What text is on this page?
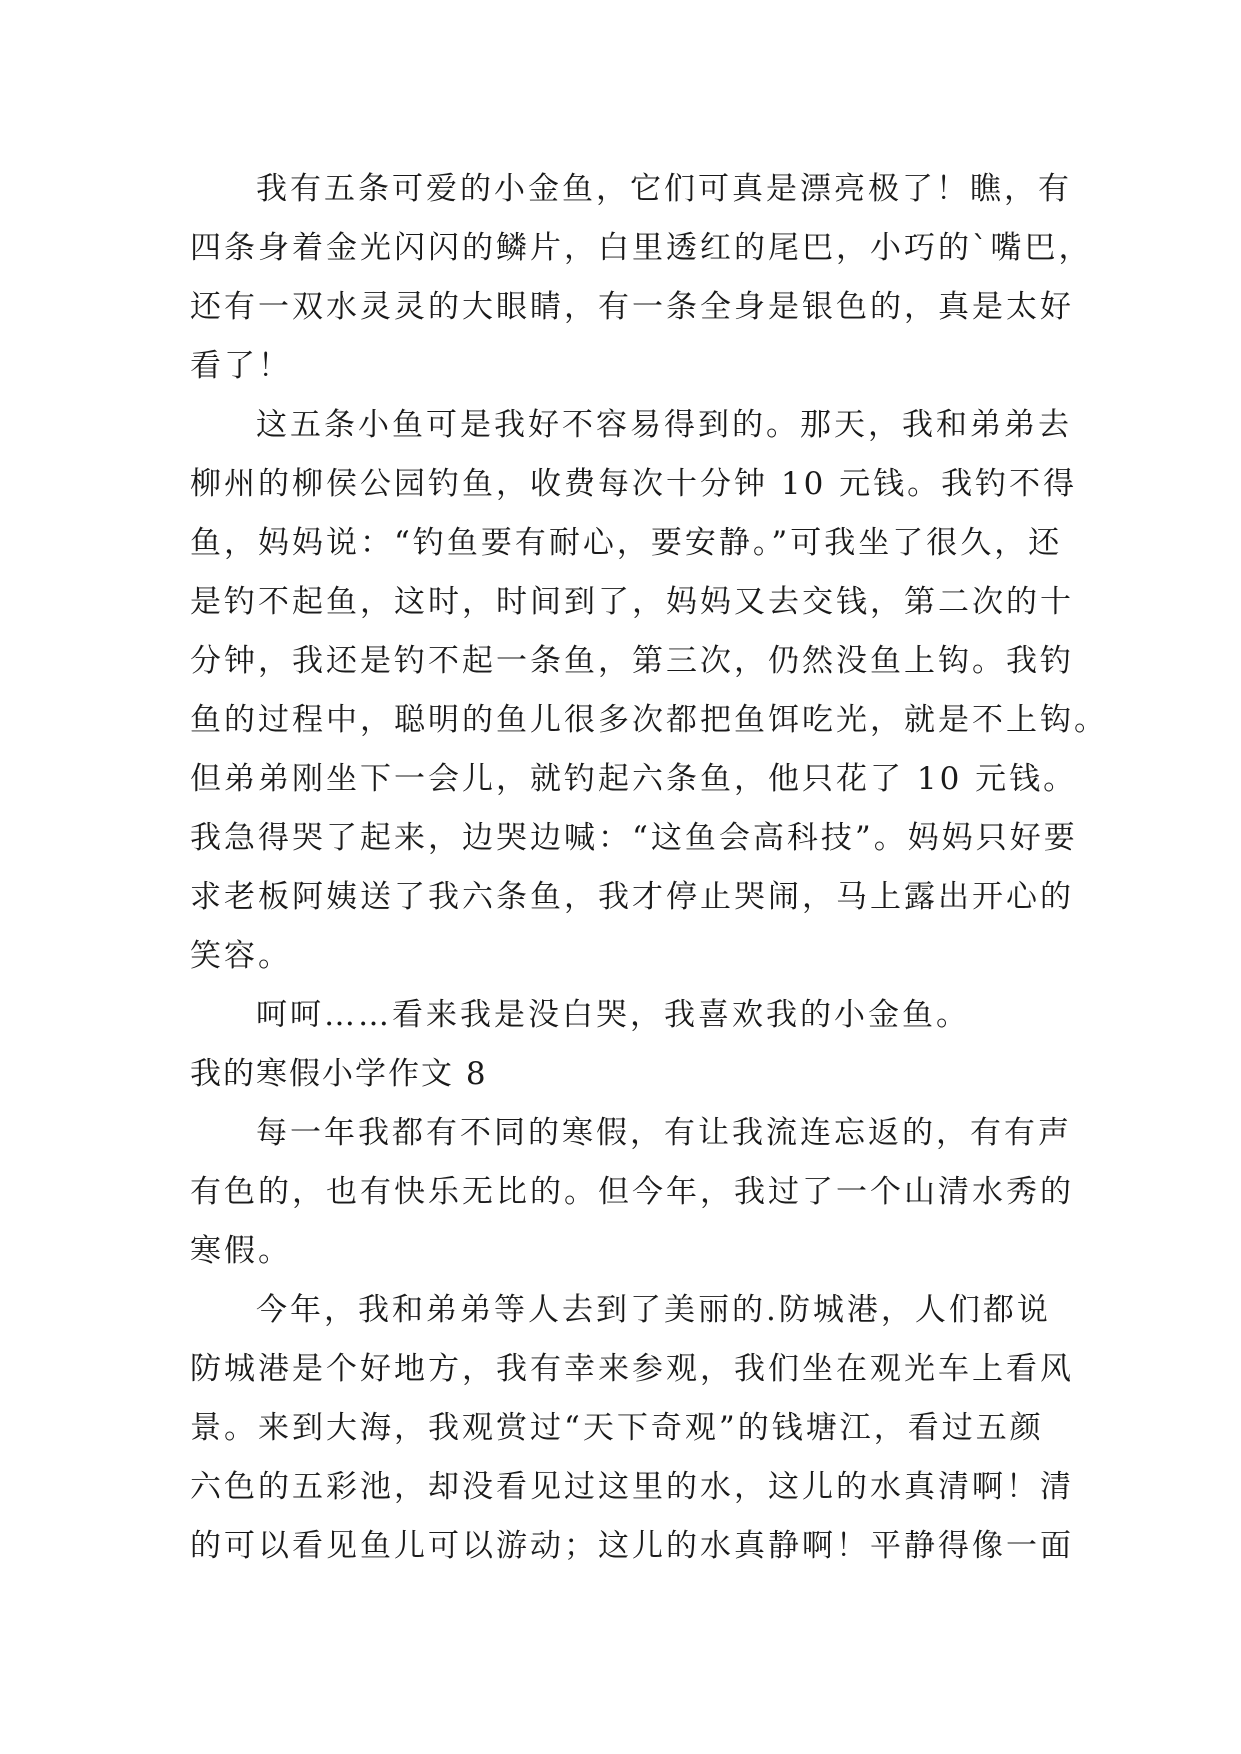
我有五条可爱的小金鱼，它们可真是漂亮极了！瞧，有
四条身着金光闪闪的鳞片，白里透红的尾巴，小巧的`嘴巴，
还有一双水灵灵的大眼睛，有一条全身是银色的，真是太好
看了！
这五条小鱼可是我好不容易得到的。那天，我和弟弟去
柳州的柳侯公园钓鱼，收费每次十分钟 10 元钱。我钓不得
鱼，妈妈说：“钓鱼要有耐心，要安静。”可我坐了很久，还
是钓不起鱼，这时，时间到了，妈妈又去交钱，第二次的十
分钟，我还是钓不起一条鱼，第三次，仍然没鱼上钩。我钓
鱼的过程中，聪明的鱼儿很多次都把鱼饵吃光，就是不上钩。
但弟弟刚坐下一会儿，就钓起六条鱼，他只花了 10 元钱。
我急得哭了起来，边哭边喊：“这鱼会高科技”。妈妈只好要
求老板阿姨送了我六条鱼，我才停止哭闹，马上露出开心的
笑容。
呵呵……看来我是没白哭，我喜欢我的小金鱼。
我的寒假小学作文 8
每一年我都有不同的寒假，有让我流连忘返的，有有声
有色的，也有快乐无比的。但今年，我过了一个山清水秀的
寒假。
今年，我和弟弟等人去到了美丽的.防城港，人们都说
防城港是个好地方，我有幸来参观，我们坐在观光车上看风
景。来到大海，我观赏过“天下奇观”的钱塘江，看过五颜
六色的五彩池，却没看见过这里的水，这儿的水真清啊！清
的可以看见鱼儿可以游动；这儿的水真静啊！平静得像一面
